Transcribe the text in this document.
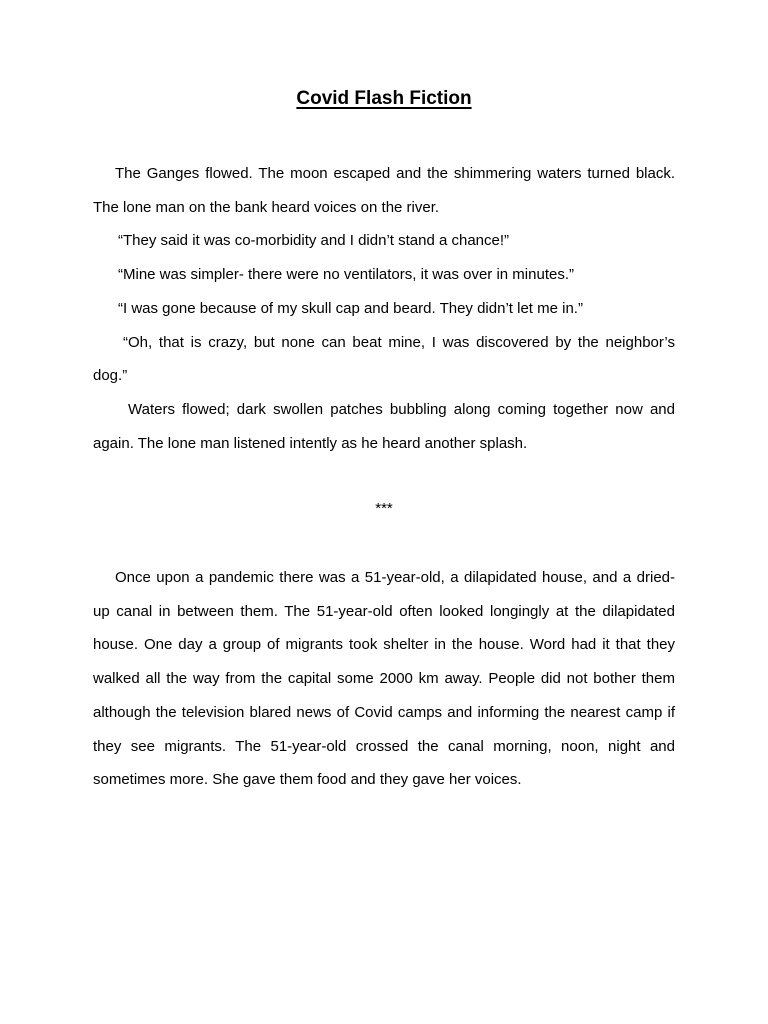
Covid Flash Fiction

The Ganges flowed. The moon escaped and the shimmering waters turned black. The lone man on the bank heard voices on the river.

“They said it was co-morbidity and I didn’t stand a chance!”

“Mine was simpler- there were no ventilators, it was over in minutes.”

“I was gone because of my skull cap and beard. They didn’t let me in.”

“Oh, that is crazy, but none can beat mine, I was discovered by the neighbor’s dog.”

Waters flowed; dark swollen patches bubbling along coming together now and again. The lone man listened intently as he heard another splash.

***

Once upon a pandemic there was a 51-year-old, a dilapidated house, and a dried-up canal in between them. The 51-year-old often looked longingly at the dilapidated house. One day a group of migrants took shelter in the house. Word had it that they walked all the way from the capital some 2000 km away. People did not bother them although the television blared news of Covid camps and informing the nearest camp if they see migrants. The 51-year-old crossed the canal morning, noon, night and sometimes more. She gave them food and they gave her voices.
